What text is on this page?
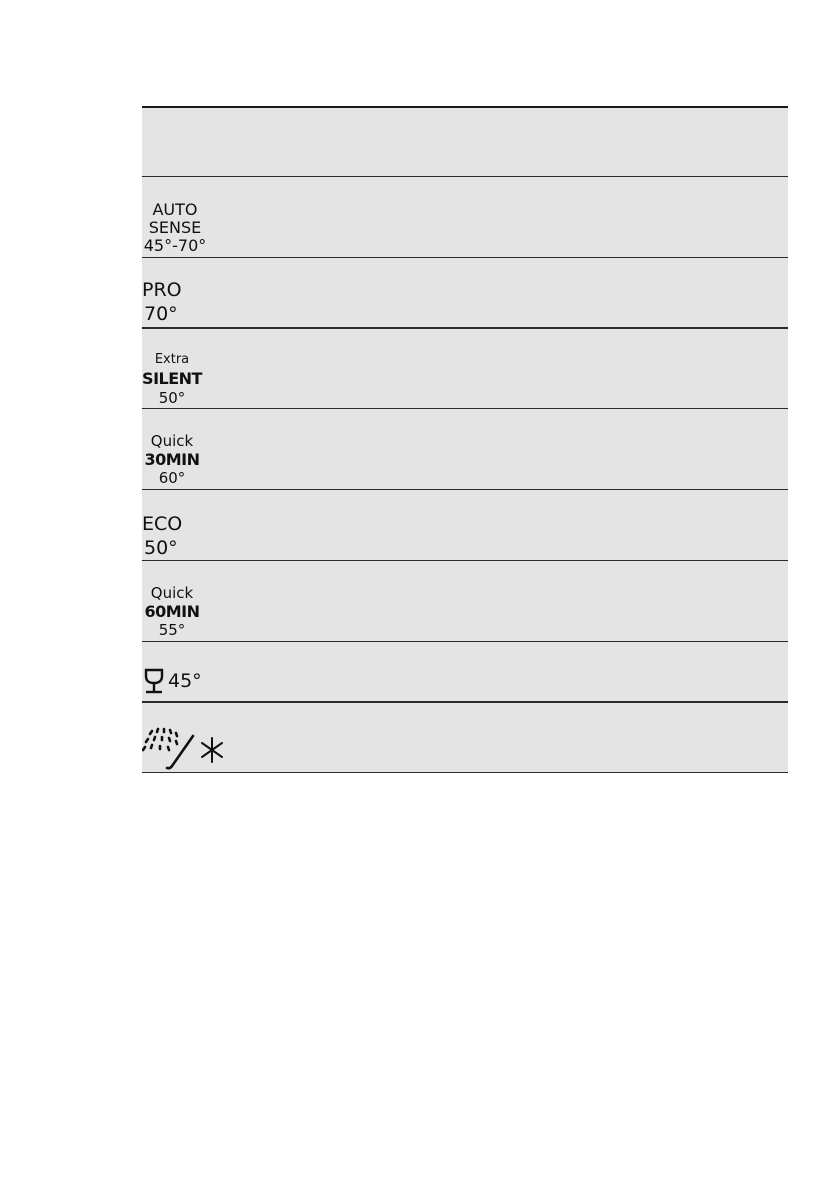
AUTO
SENSE
45°-70°
PRO
70°
Extra
SILENT
50°
Quick
30MIN
60°
ECO
50°
Quick
60MIN
55°
45°
